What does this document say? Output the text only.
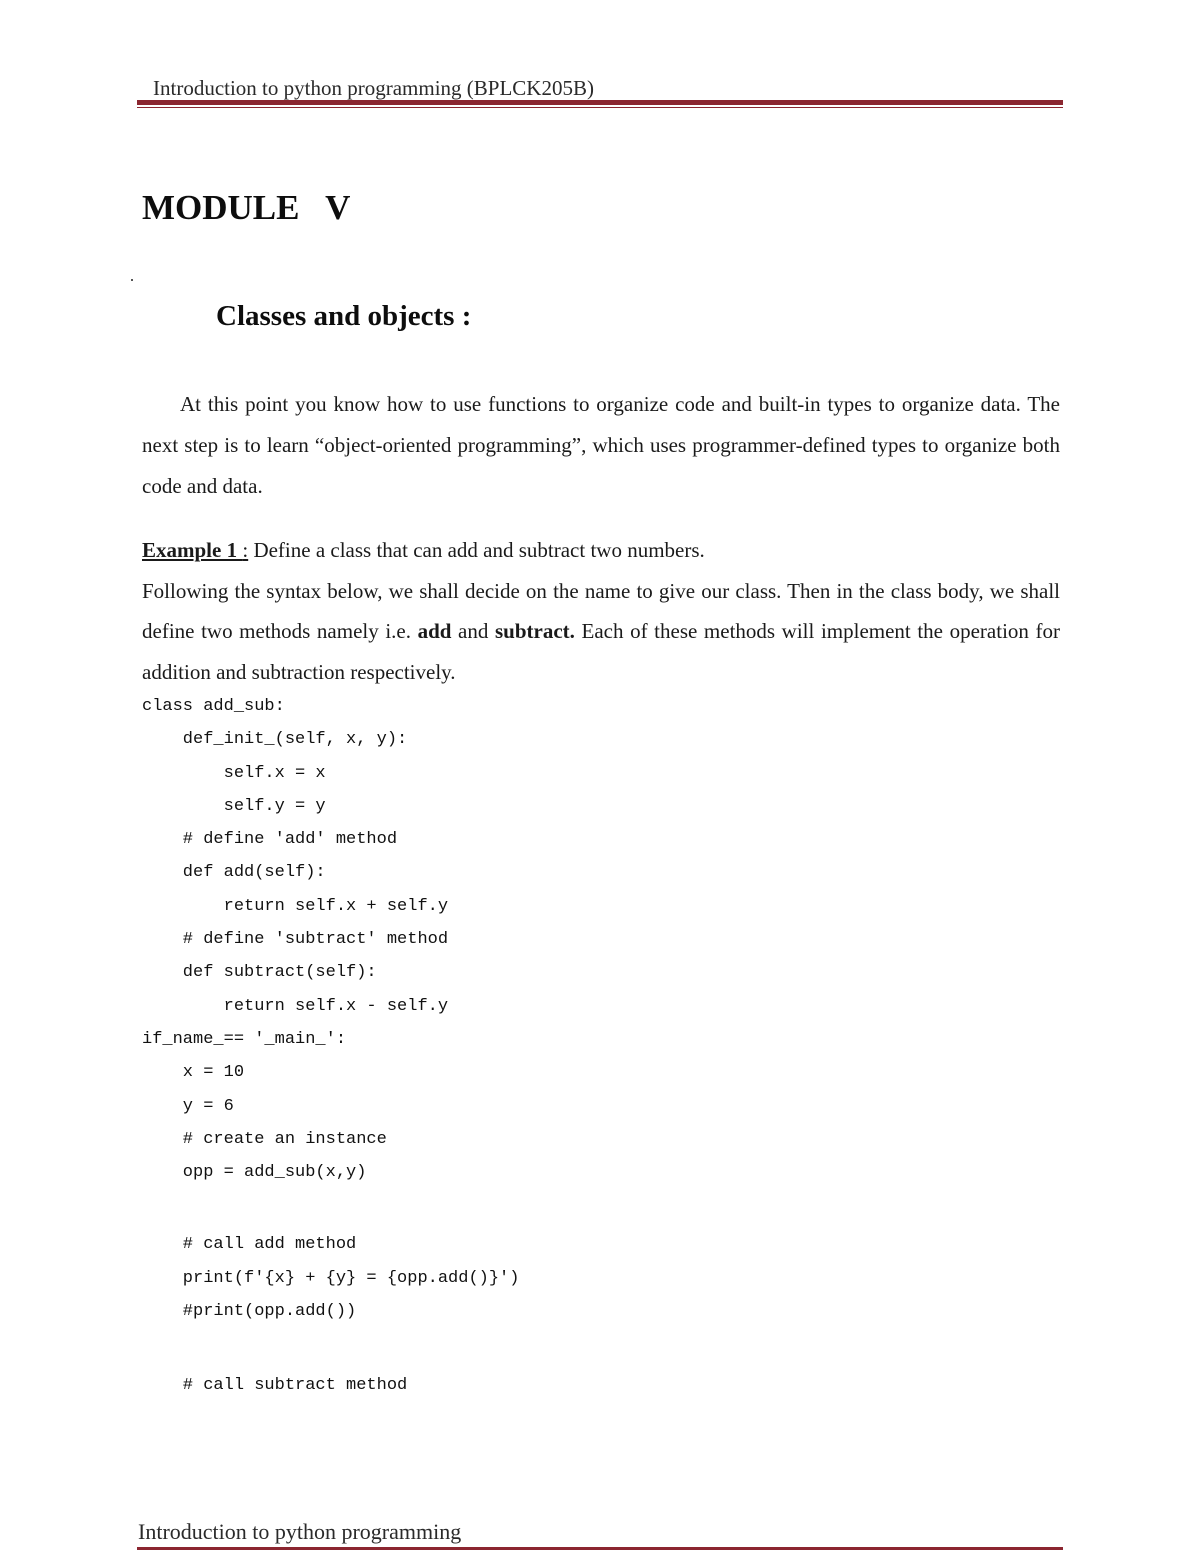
Introduction to python programming (BPLCK205B)
MODULE   V
Classes and objects :
At this point you know how to use functions to organize code and built-in types to organize data. The next step is to learn “object-oriented programming”, which uses programmer-defined types to organize both code and data.
Example 1 : Define a class that can add and subtract two numbers.
Following the syntax below, we shall decide on the name to give our class. Then in the class body, we shall define two methods namely i.e. add and subtract. Each of these methods will implement the operation for addition and subtraction respectively.
class add_sub:
def_init_(self, x, y):
self.x = x
self.y = y
# define 'add' method
def add(self):
return self.x + self.y
# define 'subtract' method
def subtract(self):
return self.x - self.y
if_name_== '_main_':
x = 10
y = 6
# create an instance
opp = add_sub(x,y)
# call add method
print(f'{x} + {y} = {opp.add()}')
#print(opp.add())
# call subtract method
Introduction to python programming
